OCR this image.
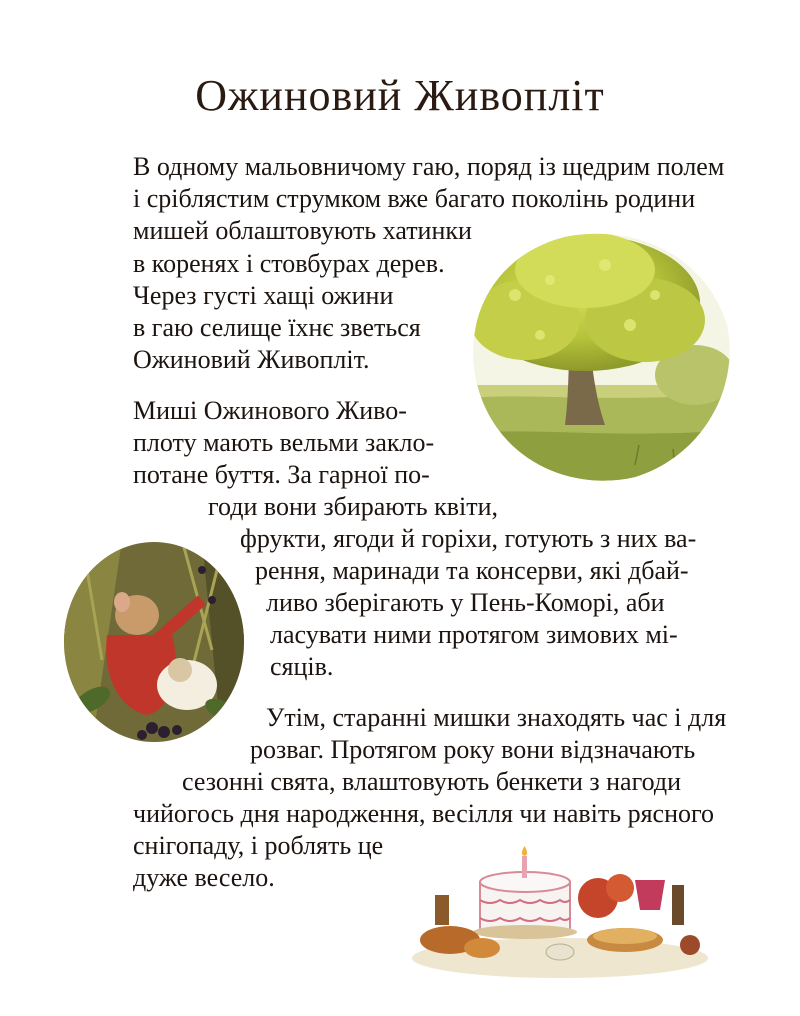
Ожиновий Живопліт
В одному мальовничому гаю, поряд із щедрим полем
і сріблястим струмком вже багато поколінь родини
мишей облаштовують хатинки
в коренях і стовбурах дерев.
Через густі хащі ожини
в гаю селище їхнє зветься
Ожиновий Живопліт.
Миші Ожинового Живо-
плоту мають вельми закло-
потане буття. За гарної по-
годи вони збирають квіти,
фрукти, ягоди й горіхи, готують з них ва-
рення, маринади та консерви, які дбай-
ливо зберігають у Пень-Коморі, аби
ласувати ними протягом зимових мі-
сяців.
Утім, старанні мишки знаходять час і для
розваг. Протягом року вони відзначають
сезонні свята, влаштовують бенкети з нагоди
чийогось дня народження, весілля чи навіть рясного
снігопаду, і роблять це
дуже весело.
